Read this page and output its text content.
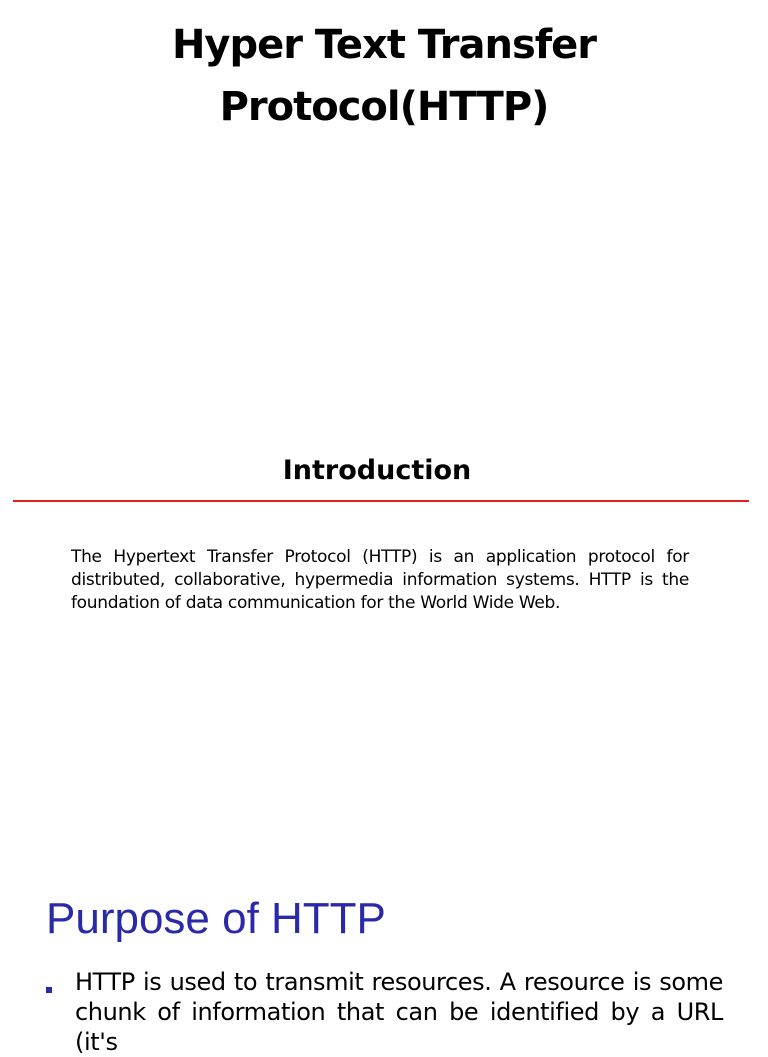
Hyper Text Transfer
Protocol(HTTP)
Introduction

The Hypertext Transfer Protocol (HTTP) is an application protocol for distributed, collaborative, hypermedia information systems. HTTP is the foundation of data communication for the World Wide Web.

Purpose of HTTP

HTTP is used to transmit resources. A resource is some chunk of information that can be identified by a URL (it's
